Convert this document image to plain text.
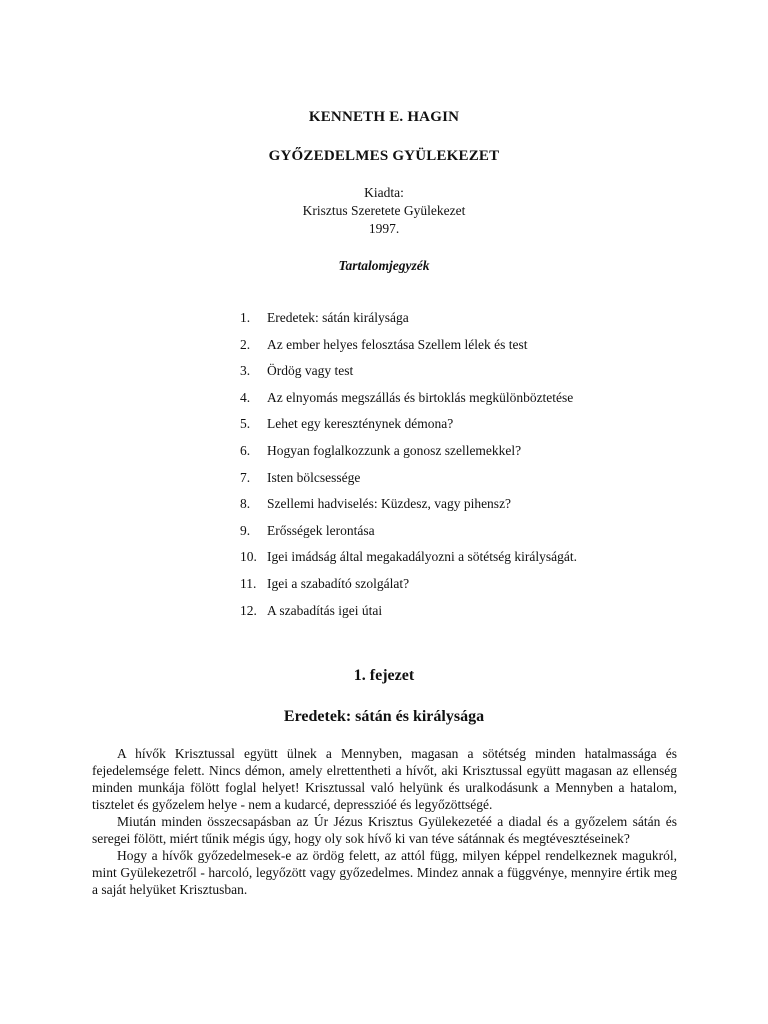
KENNETH E. HAGIN
GYŐZEDELMES GYÜLEKEZET
Kiadta:
Krisztus Szeretete Gyülekezet
1997.
Tartalomjegyzék
1. Eredetek: sátán királysága
2. Az ember helyes felosztása Szellem lélek és test
3. Ördög vagy test
4. Az elnyomás megszállás és birtoklás megkülönböztetése
5. Lehet egy kereszténynek démona?
6. Hogyan foglalkozzunk a gonosz szellemekkel?
7. Isten bölcsessége
8. Szellemi hadviselés: Küzdesz, vagy pihensz?
9. Erősségek lerontása
10. Igei imádság által megakadályozni a sötétség királyságát.
11. Igei a szabadító szolgálat?
12. A szabadítás igei útai
1. fejezet
Eredetek: sátán és királysága

A hívők Krisztussal együtt ülnek a Mennyben, magasan a sötétség minden hatalmassága és fejedelemsége felett. Nincs démon, amely elrettentheti a hívőt, aki Krisztussal együtt magasan az ellenség minden munkája fölött foglal helyet! Krisztussal való helyünk és uralkodásunk a Mennyben a hatalom, tisztelet és győzelem helye - nem a kudarcé, depresszióé és legyőzöttségé.

Miután minden összecsapásban az Úr Jézus Krisztus Gyülekezetéé a diadal és a győzelem sátán és seregei fölött, miért tűnik mégis úgy, hogy oly sok hívő ki van téve sátánnak és megtévesztéseinek?

Hogy a hívők győzedelmesek-e az ördög felett, az attól függ, milyen képpel rendelkeznek magukról, mint Gyülekezetről - harcoló, legyőzött vagy győzedelmes. Mindez annak a függvénye, mennyire értik meg a saját helyüket Krisztusban.
